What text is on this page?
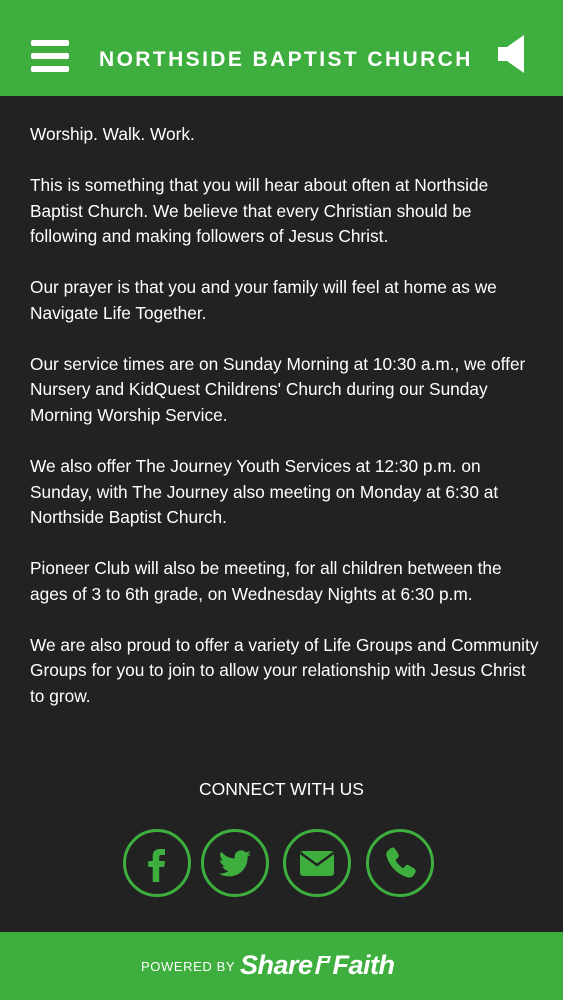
NORTHSIDE BAPTIST CHURCH

Worship. Walk. Work.

This is something that you will hear about often at Northside Baptist Church. We believe that every Christian should be following and making followers of Jesus Christ.

Our prayer is that you and your family will feel at home as we Navigate Life Together.

Our service times are on Sunday Morning at 10:30 a.m., we offer Nursery and KidQuest Childrens' Church during our Sunday Morning Worship Service.

We also offer The Journey Youth Services at 12:30 p.m. on Sunday, with The Journey also meeting on Monday at 6:30 at Northside Baptist Church.

Pioneer Club will also be meeting, for all children between the ages of 3 to 6th grade, on Wednesday Nights at 6:30 p.m.

We are also proud to offer a variety of Life Groups and Community Groups for you to join to allow your relationship with Jesus Christ to grow.

CONNECT WITH US
POWERED BY Share Faith
